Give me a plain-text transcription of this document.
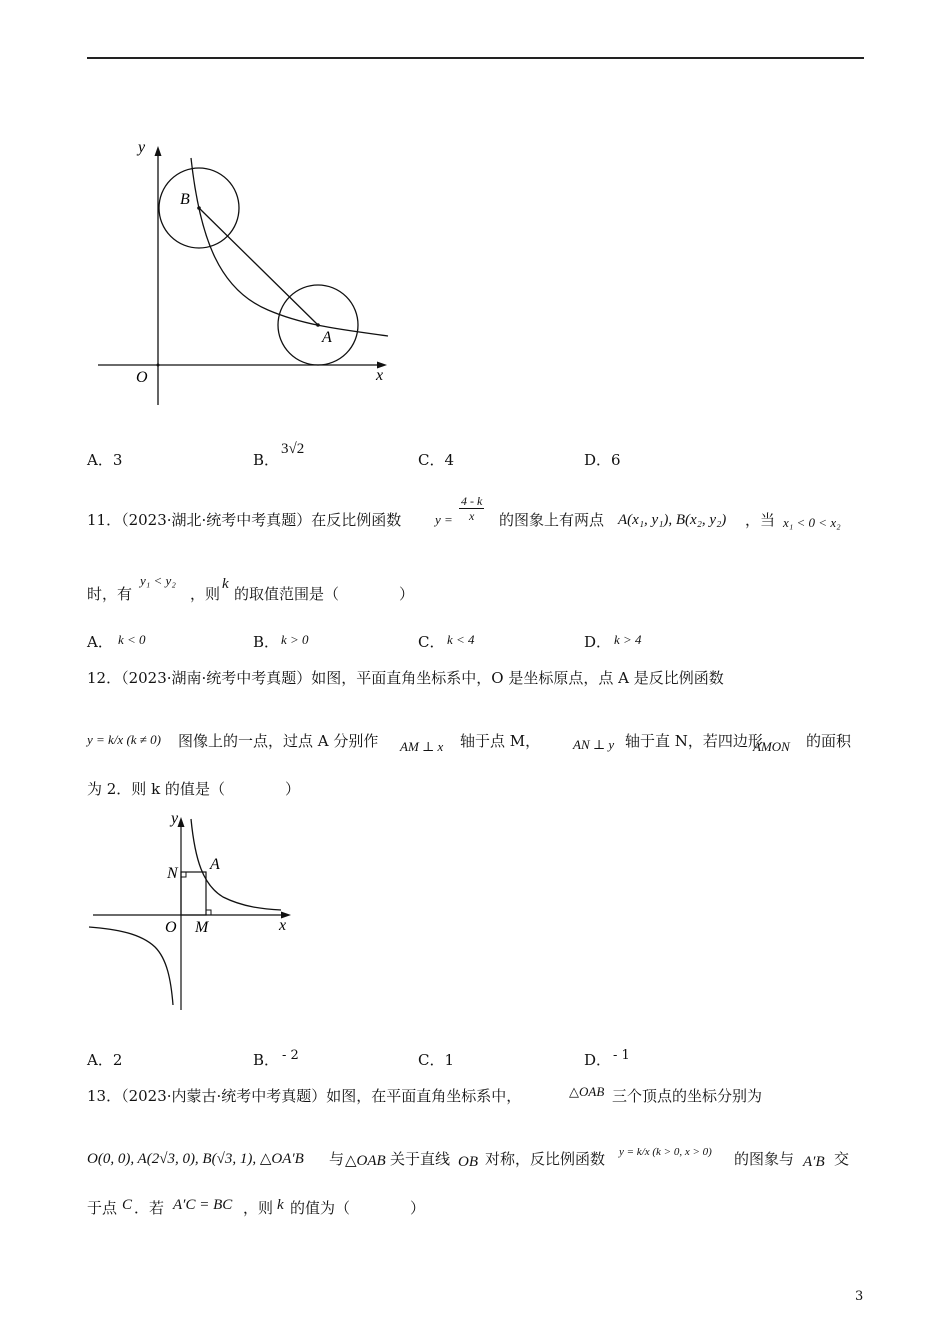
y
B
O
A
x
A．3	B．
3√2
C．4	D．6
11．（2023·湖北·统考中考真题）在反比例函数	$y = \frac{4 - k}{x}$ 的图象上有两点 A(x₁, y₁), B(x₂, y₂) ，当 x₁ < 0 < x₂
时，有
y₁ < y₂
，则
k
的取值范围是（　　　　）
A． k < 0	B． k > 0	C． k < 4	D． k > 4
12．（2023·湖南·统考中考真题）如图，平面直角坐标系中，O 是坐标原点，点 A 是反比例函数
y = k/x (k ≠ 0) 图像上的一点，过点 A 分别作 AM ⊥ x 轴于点 M，	AN ⊥ y 轴于直 N，若四边形
AMON 的面积
为 2．则 k 的值是（　　　　）
y
N
A
O M	x
A．2	B． - 2	C．1	D． - 1
13．（2023·内蒙古·统考中考真题）如图，在平面直角坐标系中，	△OAB 三个顶点的坐标分别为
O(0, 0), A(2√3, 0), B(√3, 1), △OA′B 与 △OAB 关于直线 OB 对称，反比例函数 y = k/x (k > 0, x > 0) 的图象与 A′B 交
于点 C ．若 A′C = BC ，则 k 的值为（　　　　）
3
